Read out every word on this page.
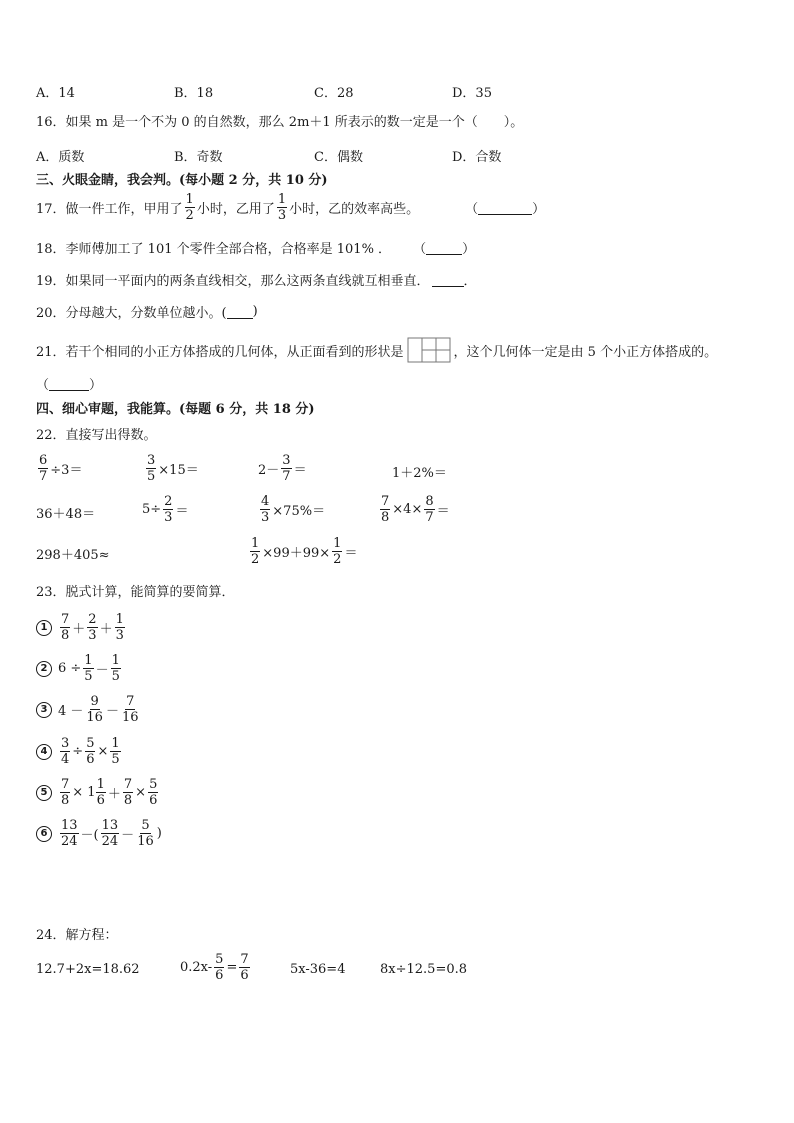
A．14	B．18	C．28	D．35
16．如果 m 是一个不为 0 的自然数，那么 2m＋1 所表示的数一定是一个（　　）。
A．质数	B．奇数	C．偶数	D．合数
三、火眼金睛，我会判。(每小题 2 分，共 10 分)
17．做一件工作，甲用了 $\frac{1}{2}$ 小时，乙用了 $\frac{1}{3}$ 小时，乙的效率高些。	（	）
18．李师傅加工了 101 个零件全部合格，合格率是 101% ． （	）
19．如果同一平面内的两条直线相交，那么这两条直线就互相垂直．	．
20．分母越大，分数单位越小。( )
21．若干个相同的小正方体搭成的几何体，从正面看到的形状是	，这个几何体一定是由 5 个小正方体搭成的。
（	）
四、细心审题，我能算。(每题 6 分，共 18 分)
22．直接写出得数。
$\frac{6}{7} \div 3=$	$\frac{3}{5} \times 15=$	$2- \frac{3}{7}$ ＝	1＋2%＝
36＋48＝	$5\div \frac{2}{3}$ ＝	$\frac{4}{3} \times 75\%=$	$\frac{7}{8} \times 4\times \frac{8}{7}$ ＝
298＋405≈	$\frac{1}{2} \times 99+99\times \frac{1}{2}$ ＝
23．脱式计算，能简算的要简算．
$1 \frac{7}{8} + \frac{2}{3} + \frac{1}{3}$
2 $6 \div \frac{1}{5} - \frac{1}{5}$
3 $4 - \frac{9}{16} - \frac{7}{16}$
$4 \frac{3}{4} \div \frac{5}{6} \times \frac{1}{5}$
$5 \frac{7}{8} \times 1 \frac{1}{6} + \frac{7}{8} \times \frac{5}{6}$
$6 \frac{13}{24}$ －( $\frac{13}{24} - \frac{5}{16}$ )
24．解方程：
12.7+2x=18.62	$0.2x- \frac{5}{6} = \frac{7}{6}$	5x-36=4	8x÷12.5=0.8
